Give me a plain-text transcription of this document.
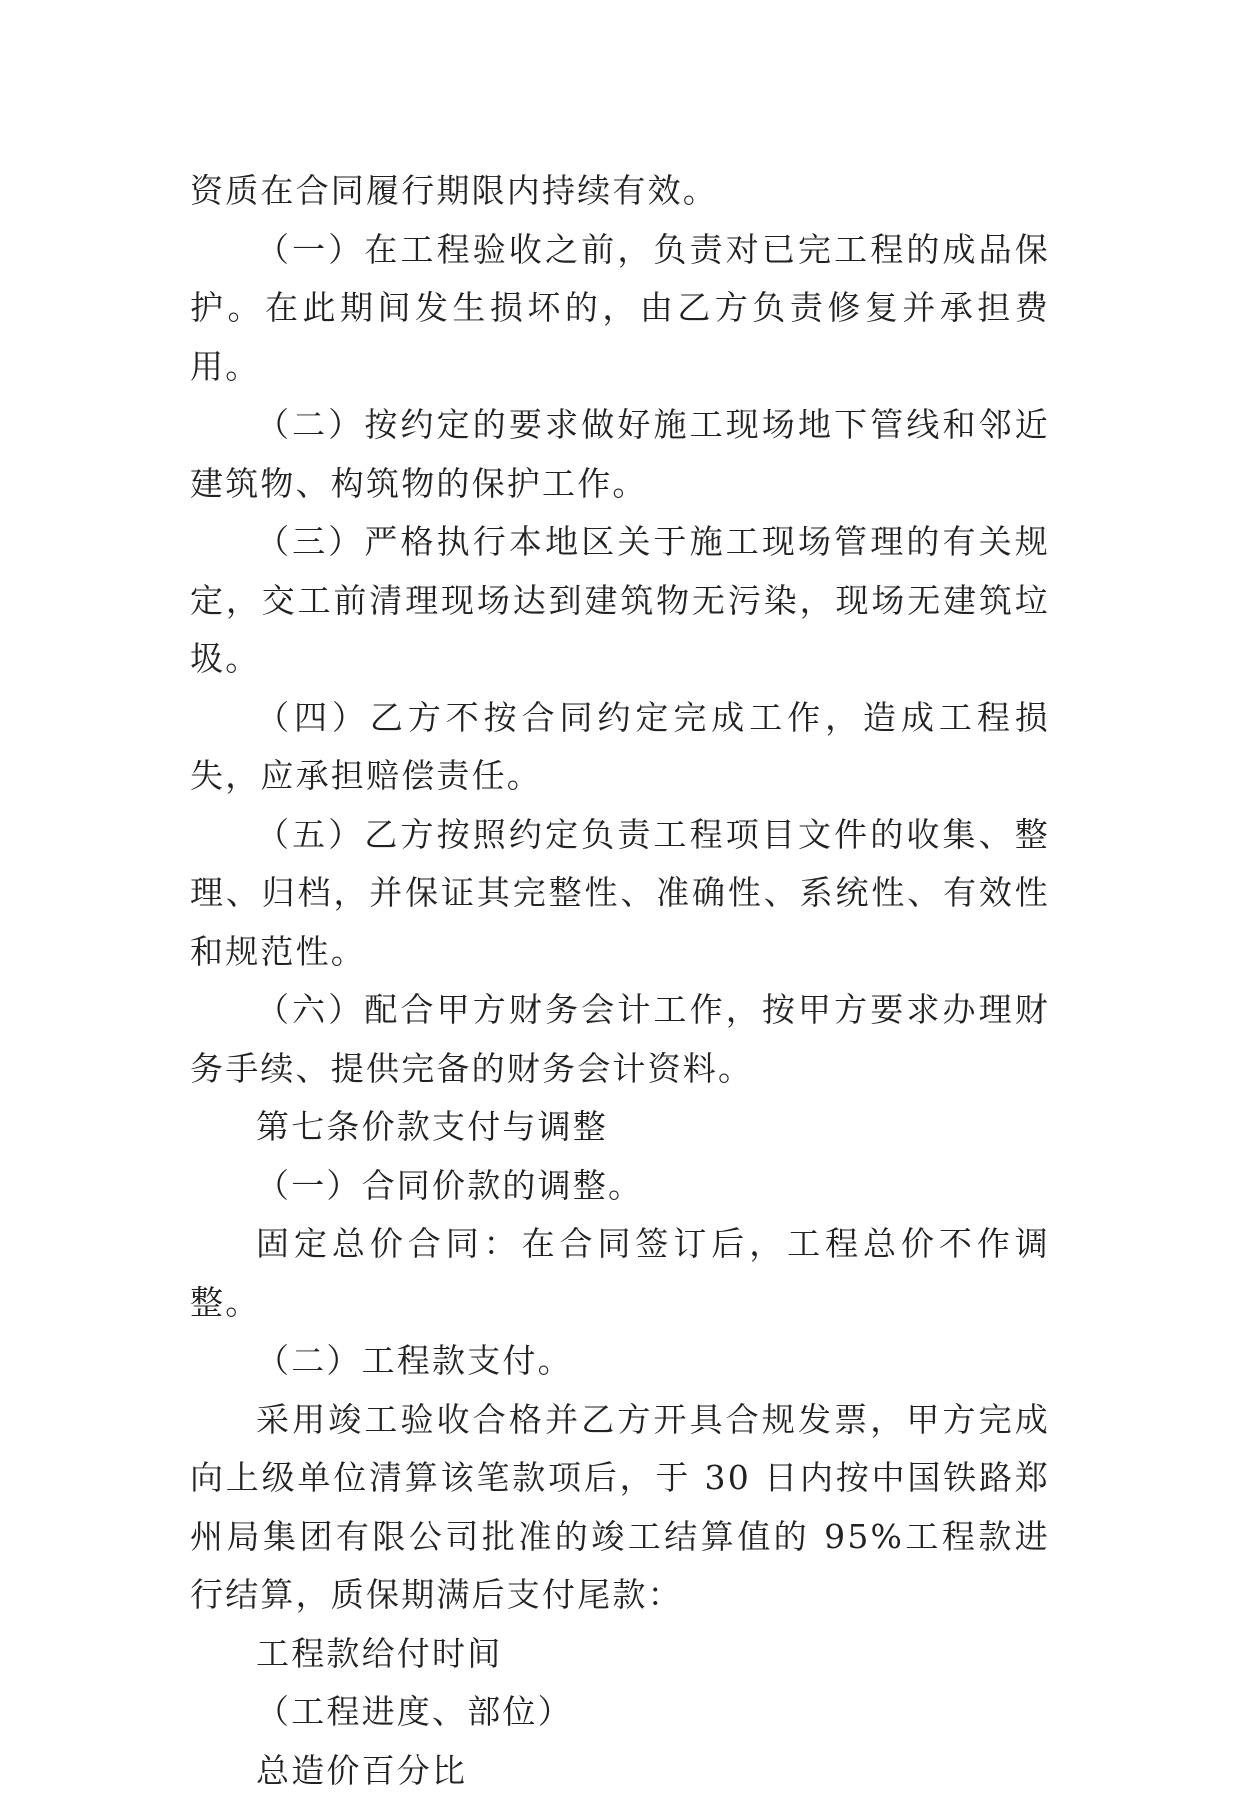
资质在合同履行期限内持续有效。

（一）在工程验收之前，负责对已完工程的成品保护。在此期间发生损坏的，由乙方负责修复并承担费用。

（二）按约定的要求做好施工现场地下管线和邻近建筑物、构筑物的保护工作。

（三）严格执行本地区关于施工现场管理的有关规定，交工前清理现场达到建筑物无污染，现场无建筑垃圾。

（四）乙方不按合同约定完成工作，造成工程损失，应承担赔偿责任。

（五）乙方按照约定负责工程项目文件的收集、整理、归档，并保证其完整性、准确性、系统性、有效性和规范性。

（六）配合甲方财务会计工作，按甲方要求办理财务手续、提供完备的财务会计资料。

第七条价款支付与调整

（一）合同价款的调整。

固定总价合同：在合同签订后，工程总价不作调整。

（二）工程款支付。

采用竣工验收合格并乙方开具合规发票，甲方完成向上级单位清算该笔款项后，于 30 日内按中国铁路郑州局集团有限公司批准的竣工结算值的 95%工程款进行结算，质保期满后支付尾款：

工程款给付时间

（工程进度、部位）

总造价百分比
